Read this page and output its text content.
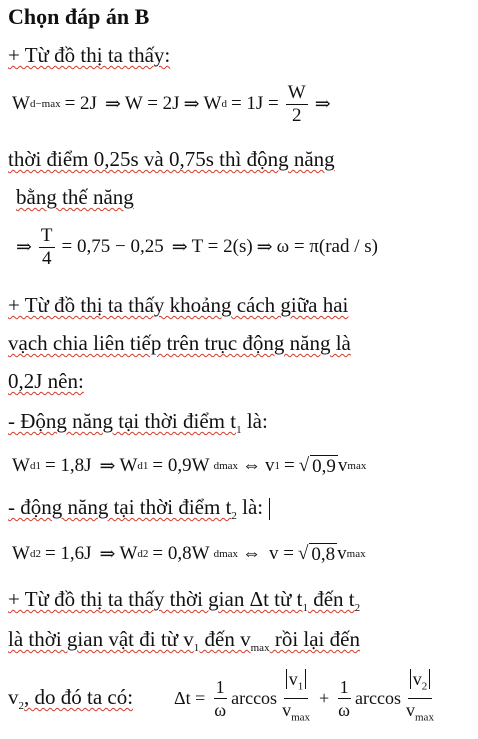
Chọn đáp án B
+ Từ đồ thị ta thấy:
W d−max = 2J ⇒ W = 2J ⇒ W $d = 1J = \frac{W}{2}$ ⇒
thời điểm 0,25s và 0,75s thì động năng
bằng thế năng
⇒ $\frac{T}{4} = 0,75 - 0,25$ ⇒ T = 2(s) ⇒ ω = π(rad / s)
+ Từ đồ thị ta thấy khoảng cách giữa hai
vạch chia liên tiếp trên trục động năng là
0,2J nên:
- Động năng tại thời điểm $t_1$ là:
W d1 = 1,8J ⇒ W d1 = 0,9W dmax ⇔ v 1 = √ 0,9 v max
- động năng tại thời điểm $t_2$ là:
W d2 = 1,6J ⇒ W d2 = 0,8W dmax ⇔ v = √ 0,8 v max
+ Từ đồ thị ta thấy thời gian Δt từ $t_1$ đến $t_2$
là thời gian vật đi từ $v_1$ đến $v_{max}$ rồi lại đến
$v_2$, do đó ta có: $\Delta t = \frac{1}{\omega}$ $\arccos \frac{v_1}{v_{max}} + \frac{1}{\omega}$ $\arccos \frac{v_2}{v_{max}}$
